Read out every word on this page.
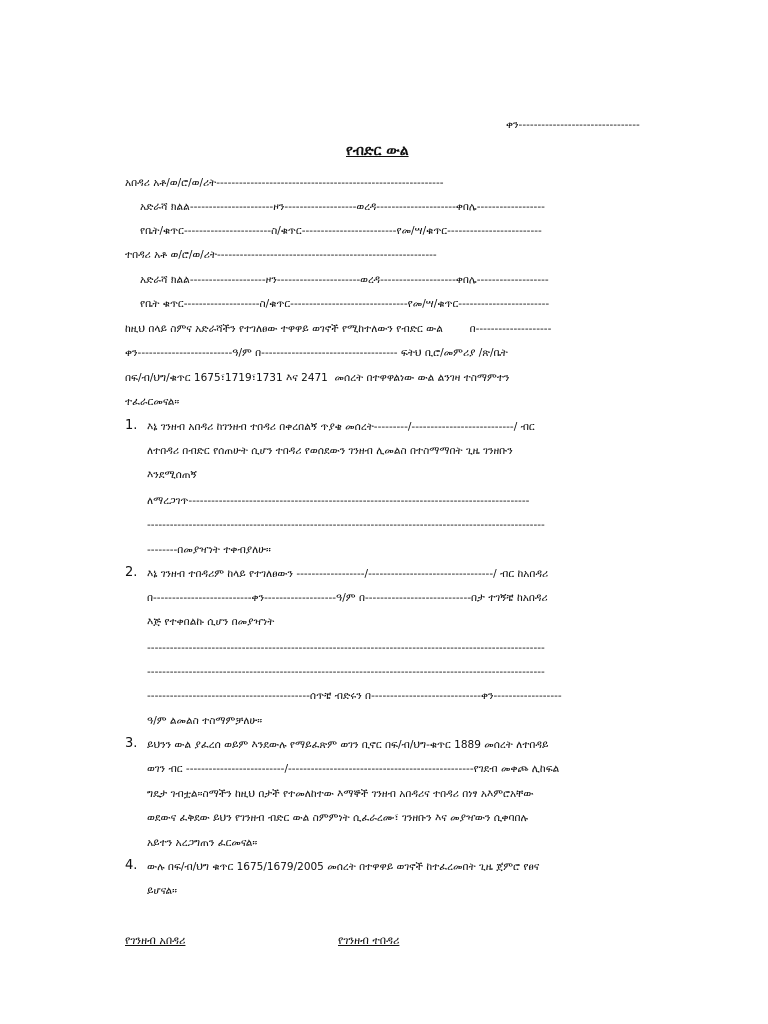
ቀን--------------------------------
የብድር ውል
አበዳሪ አቶ/ወ/ሮ/ወ/ሪት------------------------------------------------------------
አድራሻ ክልል----------------------ዞን-------------------ወረዳ---------------------ቀበሌ------------------
የቤት/ቁጥር-----------------------ስ/ቁጥር-------------------------የመ/ሣ/ቁጥር-------------------------
ተበዳሪ አቶ ወ/ሮ/ወ/ሪት----------------------------------------------------------
አድራሻ ክልል--------------------ዞን----------------------ወረዳ--------------------ቀበሌ-------------------
የቤት ቁጥር--------------------ስ/ቁጥር-------------------------------የመ/ሣ/ቁጥር------------------------
ከዚህ በላይ ስምና አድራሻችን የተገለፀው ተዋዋይ ወገኖች የሚከተለውን የብድር ውል        በ--------------------
ቀን-------------------------ዓ/ም በ------------------------------------ ፍትህ ቢሮ/መምሪያ /ጽ/ቤት
በፍ/ብ/ህግ/ቁጥር 1675፣1719፣1731 እና 2471  መሰረት በተዋዋልነው ውል ልንገዛ ተስማምተን
ተፈራርመናል።
1. እኔ ገንዘብ አበዳሪ ከገንዘብ ተበዳሪ በቀረበልኝ ጥያቄ መሰረት---------/---------------------------/ ብር
ለተበዳሪ በብድር የሰጠሁት ሲሆን ተበዳሪ የወሰደውን ገንዘብ ሊመልስ በተስማማበት ጊዜ ገንዘቡን
እንደሚሰጠኝ
ለማረጋገጥ------------------------------------------------------------------------------------------
---------------------------------------------------------------------------------------------------------
--------በመያዣነት ተቀብያለሁ።
2. እኔ ገንዘብ ተበዳሪም ከላይ የተገለፀውን ------------------/---------------------------------/ ብር ከአበዳሪ
በ--------------------------ቀን-------------------ዓ/ም በ----------------------------በታ ተገኝቼ ከአበዳሪ
እጅ የተቀበልኩ ሲሆን በመያዣነት
---------------------------------------------------------------------------------------------------------
---------------------------------------------------------------------------------------------------------
-------------------------------------------ሰጥቼ ብድሩን በ-----------------------------ቀን------------------
ዓ/ም ልመልስ ተስማምቻለሁ።
3. ይህንን ውል ያፈረሰ ወይም እንደውሉ የማይፈጽም ወገን ቢኖር በፍ/ብ/ህግ-ቁጥር 1889 መሰረት ለተበዳይ
ወገን ብር --------------------------/-------------------------------------------------የገደብ መቀጮ ሊከፍል
ግዴታ ገብቷል።ስማችን ከዚህ በታች የተመለከተው እማኞች ገንዘብ አበዳሪና ተበዳሪ በነፃ አእምሮአቸው
ወደውና ፈቅደው ይህን የገንዘብ ብድር ውል ስምምነት ሲፈራረሙ፣ ገንዘቡን እና መያዣውን ሲቀባበሉ
አይተን አረጋግጠን ፈርመናል።
4. ውሉ በፍ/ብ/ህግ ቁጥር 1675/1679/2005 መሰረት በተዋዋይ ወገኖች ከተፈረመበት ጊዜ ጀምሮ የፀና
ይሆናል።
የገንዘብ አበዳሪ	የገንዘብ ተበዳሪ
